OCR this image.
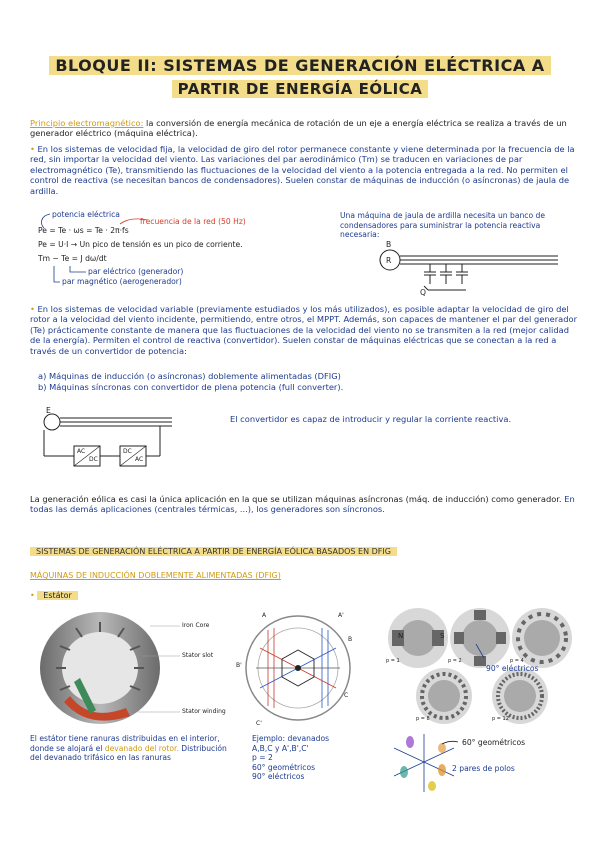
BLOQUE II: SISTEMAS DE GENERACIÓN ELÉCTRICA A
PARTIR DE ENERGÍA EÓLICA
Principio electromagnético: la conversión de energía mecánica de rotación de un eje a energía eléctrica se realiza a través de un generador eléctrico (máquina eléctrica).
• En los sistemas de velocidad fija, la velocidad de giro del rotor permanece constante y viene determinada por la frecuencia de la red, sin importar la velocidad del viento. Las variaciones del par aerodinámico (Tm) se traducen en variaciones de par electromagnético (Te), transmitiendo las fluctuaciones de la velocidad del viento a la potencia entregada a la red. No permiten el control de reactiva (se necesitan bancos de condensadores). Suelen constar de máquinas de inducción (o asíncronas) de jaula de ardilla.
potencia eléctrica
frecuencia de la red (50 Hz)
Pe = Te · ωs = Te · 2π·fs
Pe = U·I → Un pico de tensión es un pico de corriente.
Tm − Te = J dω/dt
par eléctrico (generador)
par magnético (aerogenerador)
Una máquina de jaula de ardilla necesita un banco de condensadores para suministrar la potencia reactiva necesaria:
B
R
Q
• En los sistemas de velocidad variable (previamente estudiados y los más utilizados), es posible adaptar la velocidad de giro del rotor a la velocidad del viento incidente, permitiendo, entre otros, el MPPT. Además, son capaces de mantener el par del generador (Te) prácticamente constante de manera que las fluctuaciones de la velocidad del viento no se transmiten a la red (mejor calidad de la energía). Permiten el control de reactiva (convertidor). Suelen constar de máquinas eléctricas que se conectan a la red a través de un convertidor de potencia:
a) Máquinas de inducción (o asíncronas) doblemente alimentadas (DFIG)
b) Máquinas síncronas con convertidor de plena potencia (full converter).
E
AC
DC
DC
AC
El convertidor es capaz de introducir y regular la corriente reactiva.
La generación eólica es casi la única aplicación en la que se utilizan máquinas asíncronas (máq. de inducción) como generador. En todas las demás aplicaciones (centrales térmicas, ...), los generadores son síncronos.
SISTEMAS DE GENERACIÓN ELÉCTRICA A PARTIR DE ENERGÍA EÓLICA BASADOS EN DFIG
MÁQUINAS DE INDUCCIÓN DOBLEMENTE ALIMENTADAS (DFIG)
• Estátor
Iron Core
Stator slot
Stator winding
El estátor tiene ranuras distribuidas en el interior, donde se alojará el devanado del rotor. Distribución del devanado trifásico en las ranuras
A
B
C
A'
B'
C'
Ejemplo: devanados
A,B,C y A',B',C'
p = 2
60° geométricos
90° eléctricos
N	S
p = 1	p = 2	p = 4
p = 8	p = 12
90° eléctricos
60° geométricos
2 pares de polos
